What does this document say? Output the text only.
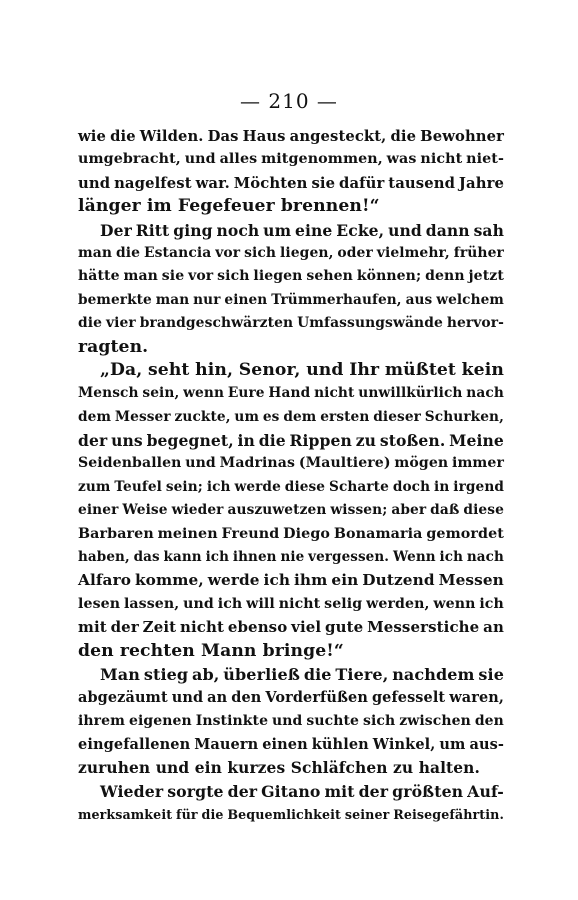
— 210 —
wie die Wilden. Das Haus angesteckt, die Bewohner
umgebracht, und alles mitgenommen, was nicht niet-
und nagelfest war. Möchten sie dafür tausend Jahre
länger im Fegefeuer brennen!“
Der Ritt ging noch um eine Ecke, und dann sah
man die Estancia vor sich liegen, oder vielmehr, früher
hätte man sie vor sich liegen sehen können; denn jetzt
bemerkte man nur einen Trümmerhaufen, aus welchem
die vier brandgeschwärzten Umfassungswände hervor-
ragten.
„Da, seht hin, Senor, und Ihr müßtet kein
Mensch sein, wenn Eure Hand nicht unwillkürlich nach
dem Messer zuckte, um es dem ersten dieser Schurken,
der uns begegnet, in die Rippen zu stoßen. Meine
Seidenballen und Madrinas (Maultiere) mögen immer
zum Teufel sein; ich werde diese Scharte doch in irgend
einer Weise wieder auszuwetzen wissen; aber daß diese
Barbaren meinen Freund Diego Bonamaria gemordet
haben, das kann ich ihnen nie vergessen. Wenn ich nach
Alfaro komme, werde ich ihm ein Dutzend Messen
lesen lassen, und ich will nicht selig werden, wenn ich
mit der Zeit nicht ebenso viel gute Messerstiche an
den rechten Mann bringe!“
Man stieg ab, überließ die Tiere, nachdem sie
abgezäumt und an den Vorderfüßen gefesselt waren,
ihrem eigenen Instinkte und suchte sich zwischen den
eingefallenen Mauern einen kühlen Winkel, um aus-
zuruhen und ein kurzes Schläfchen zu halten.
Wieder sorgte der Gitano mit der größten Auf-
merksamkeit für die Bequemlichkeit seiner Reisegefährtin.
